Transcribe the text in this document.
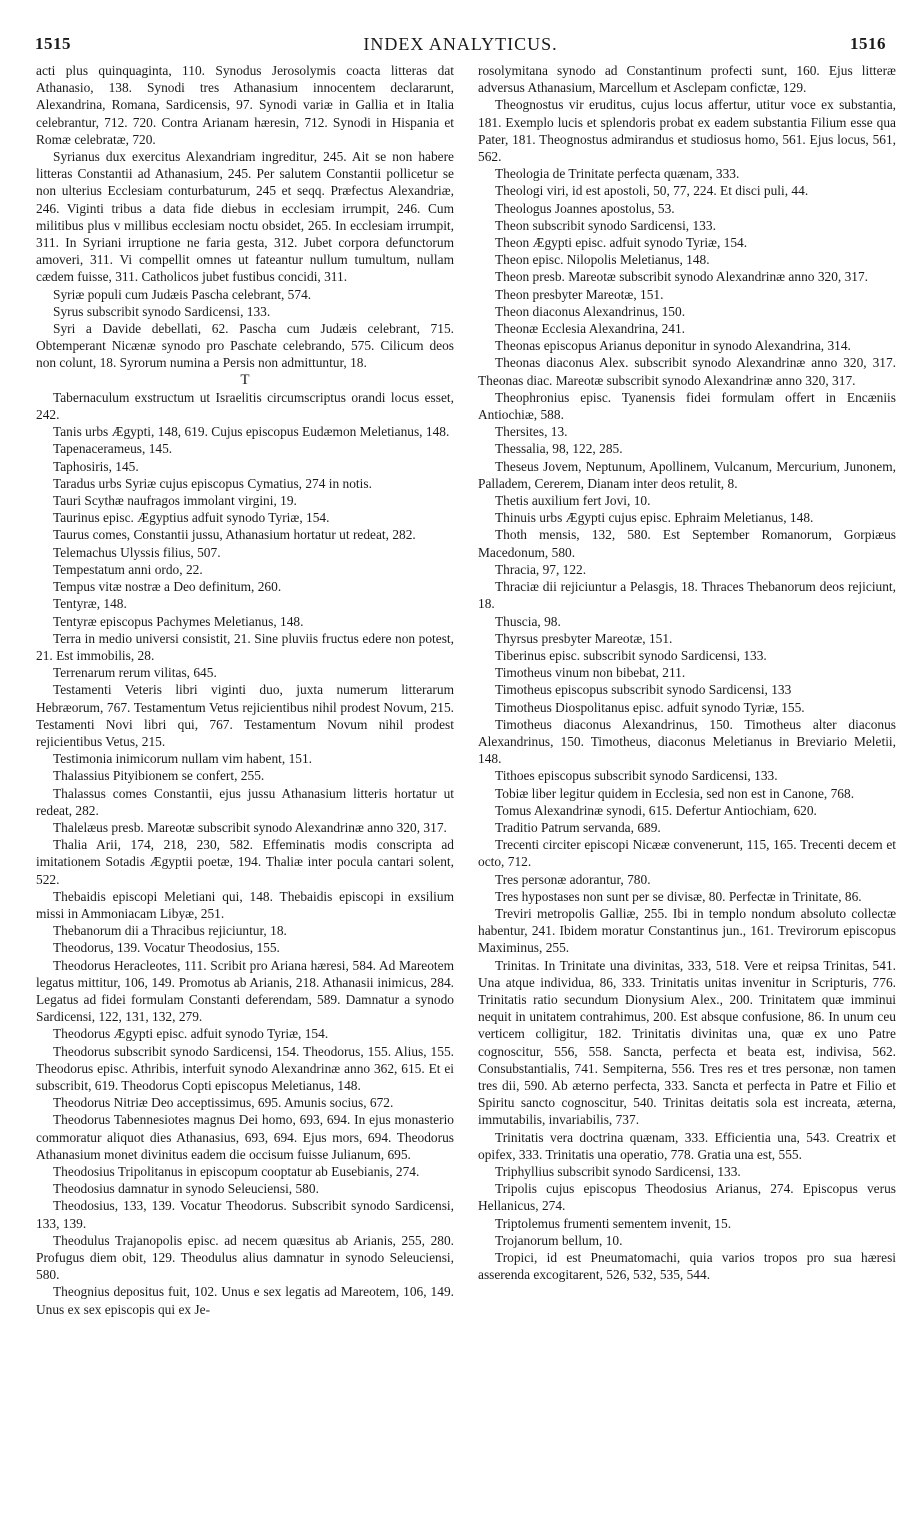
1515	INDEX ANALYTICUS.	1516

acti plus quinquaginta, 110. Synodus Jerosolymis coacta litteras dat Athanasio, 138. Synodi tres Athanasium innocentem declararunt, Alexandrina, Romana, Sardicensis, 97. Synodi variæ in Gallia et in Italia celebrantur, 712. 720. Contra Arianam hæresin, 712. Synodi in Hispania et Romæ celebratæ, 720.

Syrianus dux exercitus Alexandriam ingreditur, 245. Ait se non habere litteras Constantii ad Athanasium, 245. Per salutem Constantii pollicetur se non ulterius Ecclesiam conturbaturum, 245 et seqq. Præfectus Alexandriæ, 246. Viginti tribus a data fide diebus in ecclesiam irrumpit, 246. Cum militibus plus v millibus ecclesiam noctu obsidet, 265. In ecclesiam irrumpit, 311. In Syriani irruptione ne faria gesta, 312. Jubet corpora defunctorum amoveri, 311. Vi compellit omnes ut fateantur nullum tumultum, nullam cædem fuisse, 311. Catholicos jubet fustibus concidi, 311.

Syriæ populi cum Judæis Pascha celebrant, 574.

Syrus subscribit synodo Sardicensi, 133.

Syri a Davide debellati, 62. Pascha cum Judæis celebrant, 715. Obtemperant Nicænæ synodo pro Paschate celebrando, 575. Cilicum deos non colunt, 18. Syrorum numina a Persis non admittuntur, 18.

T

Tabernaculum exstructum ut Israelitis circumscriptus orandi locus esset, 242.

Tanis urbs Ægypti, 148, 619. Cujus episcopus Eudæmon Meletianus, 148.

Tapenacerameus, 145.

Taphosiris, 145.

Taradus urbs Syriæ cujus episcopus Cymatius, 274 in notis.

Tauri Scythæ naufragos immolant virgini, 19.

Taurinus episc. Ægyptius adfuit synodo Tyriæ, 154.

Taurus comes, Constantii jussu, Athanasium hortatur ut redeat, 282.

Telemachus Ulyssis filius, 507.

Tempestatum anni ordo, 22.

Tempus vitæ nostræ a Deo definitum, 260.

Tentyræ, 148.

Tentyræ episcopus Pachymes Meletianus, 148.

Terra in medio universi consistit, 21. Sine pluviis fructus edere non potest, 21. Est immobilis, 28.

Terrenarum rerum vilitas, 645.

Testamenti Veteris libri viginti duo, juxta numerum litterarum Hebræorum, 767. Testamentum Vetus rejicientibus nihil prodest Novum, 215. Testamenti Novi libri qui, 767. Testamentum Novum nihil prodest rejicientibus Vetus, 215.

Testimonia inimicorum nullam vim habent, 151.

Thalassius Pityibionem se confert, 255.

Thalassus comes Constantii, ejus jussu Athanasium litteris hortatur ut redeat, 282.

Thalelæus presb. Mareotæ subscribit synodo Alexandrinæ anno 320, 317.

Thalia Arii, 174, 218, 230, 582. Effeminatis modis conscripta ad imitationem Sotadis Ægyptii poetæ, 194. Thaliæ inter pocula cantari solent, 522.

Thebaidis episcopi Meletiani qui, 148. Thebaidis episcopi in exsilium missi in Ammoniacam Libyæ, 251.

Thebanorum dii a Thracibus rejiciuntur, 18.

Theodorus, 139. Vocatur Theodosius, 155.

Theodorus Heracleotes, 111. Scribit pro Ariana hæresi, 584. Ad Mareotem legatus mittitur, 106, 149. Promotus ab Arianis, 218. Athanasii inimicus, 284. Legatus ad fidei formulam Constanti deferendam, 589. Damnatur a synodo Sardicensi, 122, 131, 132, 279.

Theodorus Ægypti episc. adfuit synodo Tyriæ, 154.

Theodorus subscribit synodo Sardicensi, 154. Theodorus, 155. Alius, 155. Theodorus episc. Athribis, interfuit synodo Alexandrinæ anno 362, 615. Et ei subscribit, 619. Theodorus Copti episcopus Meletianus, 148.

Theodorus Nitriæ Deo acceptissimus, 695. Amunis socius, 672.

Theodorus Tabennesiotes magnus Dei homo, 693, 694. In ejus monasterio commoratur aliquot dies Athanasius, 693, 694. Ejus mors, 694. Theodorus Athanasium monet divinitus eadem die occisum fuisse Julianum, 695.

Theodosius Tripolitanus in episcopum cooptatur ab Eusebianis, 274.

Theodosius damnatur in synodo Seleuciensi, 580.

Theodosius, 133, 139. Vocatur Theodorus. Subscribit synodo Sardicensi, 133, 139.

Theodulus Trajanopolis episc. ad necem quæsitus ab Arianis, 255, 280. Profugus diem obit, 129. Theodulus alius damnatur in synodo Seleuciensi, 580.

Theognius depositus fuit, 102. Unus e sex legatis ad Mareotem, 106, 149. Unus ex sex episcopis qui ex Je-

rosolymitana synodo ad Constantinum profecti sunt, 160. Ejus litteræ adversus Athanasium, Marcellum et Asclepam confictæ, 129.

Theognostus vir eruditus, cujus locus affertur, utitur voce ex substantia, 181. Exemplo lucis et splendoris probat ex eadem substantia Filium esse qua Pater, 181. Theognostus admirandus et studiosus homo, 561. Ejus locus, 561, 562.

Theologia de Trinitate perfecta quænam, 333.

Theologi viri, id est apostoli, 50, 77, 224. Et disci puli, 44.

Theologus Joannes apostolus, 53.

Theon subscribit synodo Sardicensi, 133.

Theon Ægypti episc. adfuit synodo Tyriæ, 154.

Theon episc. Nilopolis Meletianus, 148.

Theon presb. Mareotæ subscribit synodo Alexandrinæ anno 320, 317.

Theon presbyter Mareotæ, 151.

Theon diaconus Alexandrinus, 150.

Theonæ Ecclesia Alexandrina, 241.

Theonas episcopus Arianus deponitur in synodo Alexandrina, 314.

Theonas diaconus Alex. subscribit synodo Alexandrinæ anno 320, 317. Theonas diac. Mareotæ subscribit synodo Alexandrinæ anno 320, 317.

Theophronius episc. Tyanensis fidei formulam offert in Encæniis Antiochiæ, 588.

Thersites, 13.

Thessalia, 98, 122, 285.

Theseus Jovem, Neptunum, Apollinem, Vulcanum, Mercurium, Junonem, Palladem, Cererem, Dianam inter deos retulit, 8.

Thetis auxilium fert Jovi, 10.

Thinuis urbs Ægypti cujus episc. Ephraim Meletianus, 148.

Thoth mensis, 132, 580. Est September Romanorum, Gorpiæus Macedonum, 580.

Thracia, 97, 122.

Thraciæ dii rejiciuntur a Pelasgis, 18. Thraces Thebanorum deos rejiciunt, 18.

Thuscia, 98.

Thyrsus presbyter Mareotæ, 151.

Tiberinus episc. subscribit synodo Sardicensi, 133.

Timotheus vinum non bibebat, 211.

Timotheus episcopus subscribit synodo Sardicensi, 133

Timotheus Diospolitanus episc. adfuit synodo Tyriæ, 155.

Timotheus diaconus Alexandrinus, 150. Timotheus alter diaconus Alexandrinus, 150. Timotheus, diaconus Meletianus in Breviario Meletii, 148.

Tithoes episcopus subscribit synodo Sardicensi, 133.

Tobiæ liber legitur quidem in Ecclesia, sed non est in Canone, 768.

Tomus Alexandrinæ synodi, 615. Defertur Antiochiam, 620.

Traditio Patrum servanda, 689.

Trecenti circiter episcopi Nicææ convenerunt, 115, 165. Trecenti decem et octo, 712.

Tres personæ adorantur, 780.

Tres hypostases non sunt per se divisæ, 80. Perfectæ in Trinitate, 86.

Treviri metropolis Galliæ, 255. Ibi in templo nondum absoluto collectæ habentur, 241. Ibidem moratur Constantinus jun., 161. Trevirorum episcopus Maximinus, 255.

Trinitas. In Trinitate una divinitas, 333, 518. Vere et reipsa Trinitas, 541. Una atque individua, 86, 333. Trinitatis unitas invenitur in Scripturis, 776. Trinitatis ratio secundum Dionysium Alex., 200. Trinitatem quæ imminui nequit in unitatem contrahimus, 200. Est absque confusione, 86. In unum ceu verticem colligitur, 182. Trinitatis divinitas una, quæ ex uno Patre cognoscitur, 556, 558. Sancta, perfecta et beata est, indivisa, 562. Consubstantialis, 741. Sempiterna, 556. Tres res et tres personæ, non tamen tres dii, 590. Ab æterno perfecta, 333. Sancta et perfecta in Patre et Filio et Spiritu sancto cognoscitur, 540. Trinitas deitatis sola est increata, æterna, immutabilis, invariabilis, 737.

Trinitatis vera doctrina quænam, 333. Efficientia una, 543. Creatrix et opifex, 333. Trinitatis una operatio, 778. Gratia una est, 555.

Triphyllius subscribit synodo Sardicensi, 133.

Tripolis cujus episcopus Theodosius Arianus, 274. Episcopus verus Hellanicus, 274.

Triptolemus frumenti sementem invenit, 15.

Trojanorum bellum, 10.

Tropici, id est Pneumatomachi, quia varios tropos pro sua hæresi asserenda excogitarent, 526, 532, 535, 544.
